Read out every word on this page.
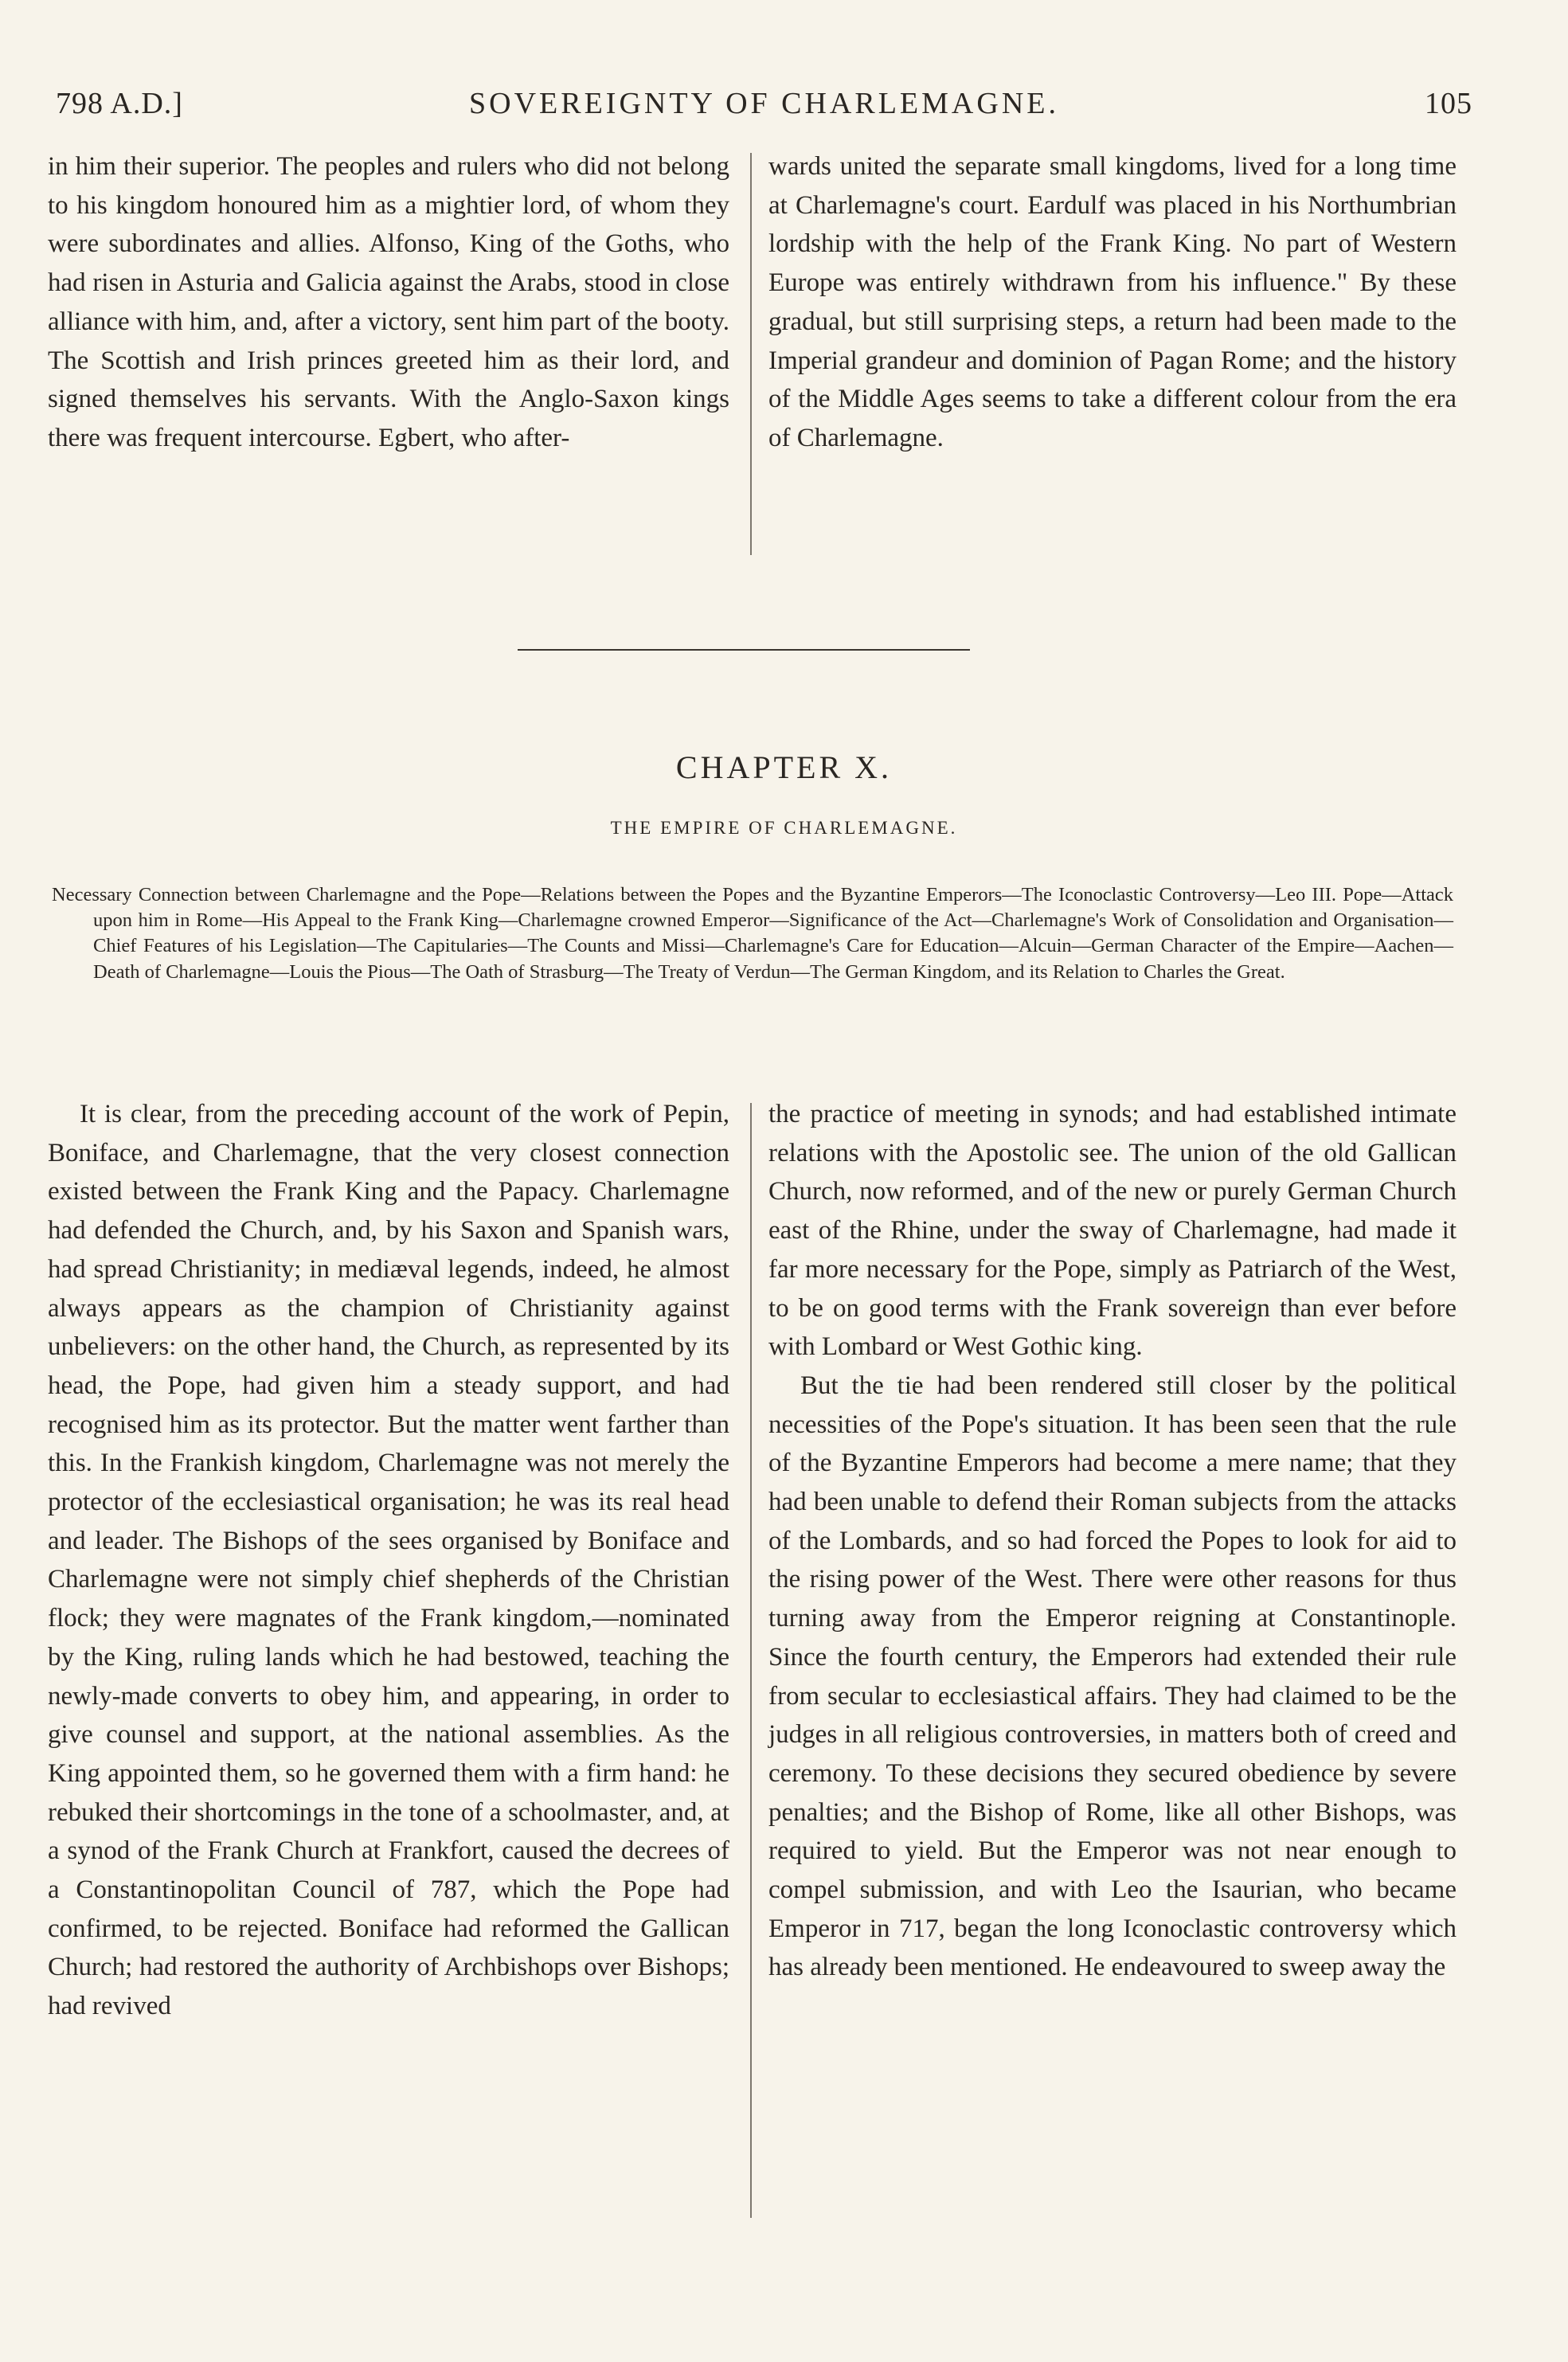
798 A.D.]	SOVEREIGNTY OF CHARLEMAGNE.	105

in him their superior. The peoples and rulers who did not belong to his kingdom honoured him as a mightier lord, of whom they were subordinates and allies. Alfonso, King of the Goths, who had risen in Asturia and Galicia against the Arabs, stood in close alliance with him, and, after a victory, sent him part of the booty. The Scottish and Irish princes greeted him as their lord, and signed themselves his servants. With the Anglo-Saxon kings there was frequent intercourse. Egbert, who after-

wards united the separate small kingdoms, lived for a long time at Charlemagne's court. Eardulf was placed in his Northumbrian lordship with the help of the Frank King. No part of Western Europe was entirely withdrawn from his influence." By these gradual, but still surprising steps, a return had been made to the Imperial grandeur and dominion of Pagan Rome; and the history of the Middle Ages seems to take a different colour from the era of Charlemagne.

CHAPTER X.
THE EMPIRE OF CHARLEMAGNE.
Necessary Connection between Charlemagne and the Pope—Relations between the Popes and the Byzantine Emperors—The Iconoclastic Controversy—Leo III. Pope—Attack upon him in Rome—His Appeal to the Frank King—Charlemagne crowned Emperor—Significance of the Act—Charlemagne's Work of Consolidation and Organisation—Chief Features of his Legislation—The Capitularies—The Counts and Missi—Charlemagne's Care for Education—Alcuin—German Character of the Empire—Aachen—Death of Charlemagne—Louis the Pious—The Oath of Strasburg—The Treaty of Verdun—The German Kingdom, and its Relation to Charles the Great.

It is clear, from the preceding account of the work of Pepin, Boniface, and Charlemagne, that the very closest connection existed between the Frank King and the Papacy. Charlemagne had defended the Church, and, by his Saxon and Spanish wars, had spread Christianity; in mediæval legends, indeed, he almost always appears as the champion of Christianity against unbelievers: on the other hand, the Church, as represented by its head, the Pope, had given him a steady support, and had recognised him as its protector. But the matter went farther than this. In the Frankish kingdom, Charlemagne was not merely the protector of the ecclesiastical organisation; he was its real head and leader. The Bishops of the sees organised by Boniface and Charlemagne were not simply chief shepherds of the Christian flock; they were magnates of the Frank kingdom,—nominated by the King, ruling lands which he had bestowed, teaching the newly-made converts to obey him, and appearing, in order to give counsel and support, at the national assemblies. As the King appointed them, so he governed them with a firm hand: he rebuked their shortcomings in the tone of a schoolmaster, and, at a synod of the Frank Church at Frankfort, caused the decrees of a Constantinopolitan Council of 787, which the Pope had confirmed, to be rejected. Boniface had reformed the Gallican Church; had restored the authority of Archbishops over Bishops; had revived

the practice of meeting in synods; and had established intimate relations with the Apostolic see. The union of the old Gallican Church, now reformed, and of the new or purely German Church east of the Rhine, under the sway of Charlemagne, had made it far more necessary for the Pope, simply as Patriarch of the West, to be on good terms with the Frank sovereign than ever before with Lombard or West Gothic king.

But the tie had been rendered still closer by the political necessities of the Pope's situation. It has been seen that the rule of the Byzantine Emperors had become a mere name; that they had been unable to defend their Roman subjects from the attacks of the Lombards, and so had forced the Popes to look for aid to the rising power of the West. There were other reasons for thus turning away from the Emperor reigning at Constantinople. Since the fourth century, the Emperors had extended their rule from secular to ecclesiastical affairs. They had claimed to be the judges in all religious controversies, in matters both of creed and ceremony. To these decisions they secured obedience by severe penalties; and the Bishop of Rome, like all other Bishops, was required to yield. But the Emperor was not near enough to compel submission, and with Leo the Isaurian, who became Emperor in 717, began the long Iconoclastic controversy which has already been mentioned. He endeavoured to sweep away the
